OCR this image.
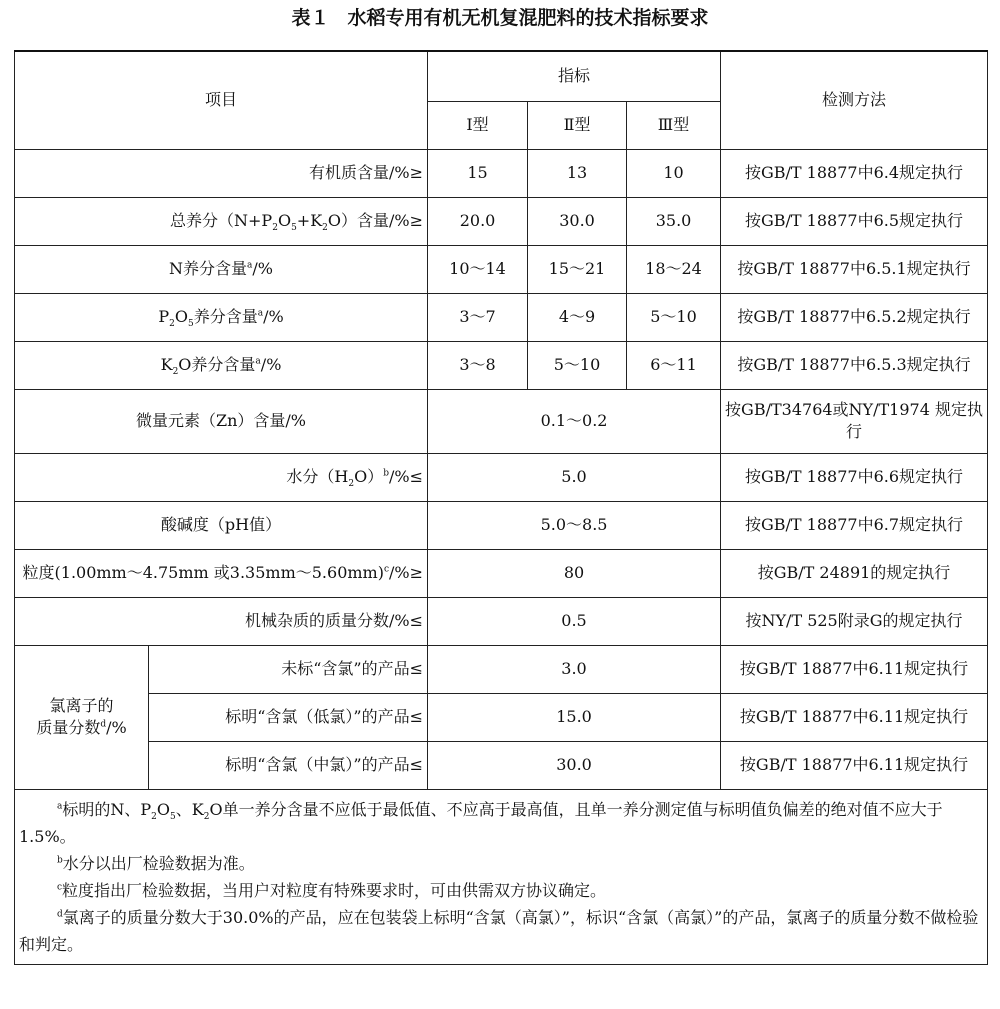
表１ 水稻专用有机无机复混肥料的技术指标要求
项目		指标			检测方法
		Ⅰ型	Ⅱ型	Ⅲ型	
有机质含量/%≥		15	13	10	按GB/T 18877中6.4规定执行
总养分$(N+P_2O_5+K_2O)$含量/%≥		20.0	30.0	35.0	按GB/T 18877中6.5规定执行
N养分含量$^a$/%		10～14	15～21	18～24	按GB/T 18877中6.5.1规定执行
$P_2O_5$养分含量$^a$/%		3～7	4～9	5～10	按GB/T 18877中6.5.2规定执行
$K_2O$养分含量$^a$/%		3～8	5～10	6～11	按GB/T 18877中6.5.3规定执行
微量元素（Zn）含量/%		0.1～0.2			按GB/T34764或NY/T1974 规定执行
水分$(H_2O)^b/\%\le$		5.0			按GB/T 18877中6.6规定执行
酸碱度（pH值）		5.0～8.5			按GB/T 18877中6.7规定执行
粒度(1.00mm～4.75mm 或3.35mm～5.60mm)$^c$/%≥		80			按GB/T 24891的规定执行
机械杂质的质量分数/%≤		0.5			按NY/T 525附录G的规定执行
氯离子的
质量分数$^d$/%	未标“含氯”的产品≤	3.0			按GB/T 18877中6.11规定执行
	标明“含氯（低氯）”的产品≤	15.0			按GB/T 18877中6.11规定执行
	标明“含氯（中氯）”的产品≤	30.0			按GB/T 18877中6.11规定执行

$^a$标明的N、$P_2O_5$、$K_2O$单一养分含量不应低于最低值、不应高于最高值，且单一养分测定值与标明值负偏差的绝对值不应大于1.5%。
$^b$水分以出厂检验数据为准。
$^c$粒度指出厂检验数据，当用户对粒度有特殊要求时，可由供需双方协议确定。
$^d$氯离子的质量分数大于30.0%的产品，应在包装袋上标明“含氯（高氯）”，标识“含氯（高氯）”的产品，氯离子的质量分数不做检验和判定。					
